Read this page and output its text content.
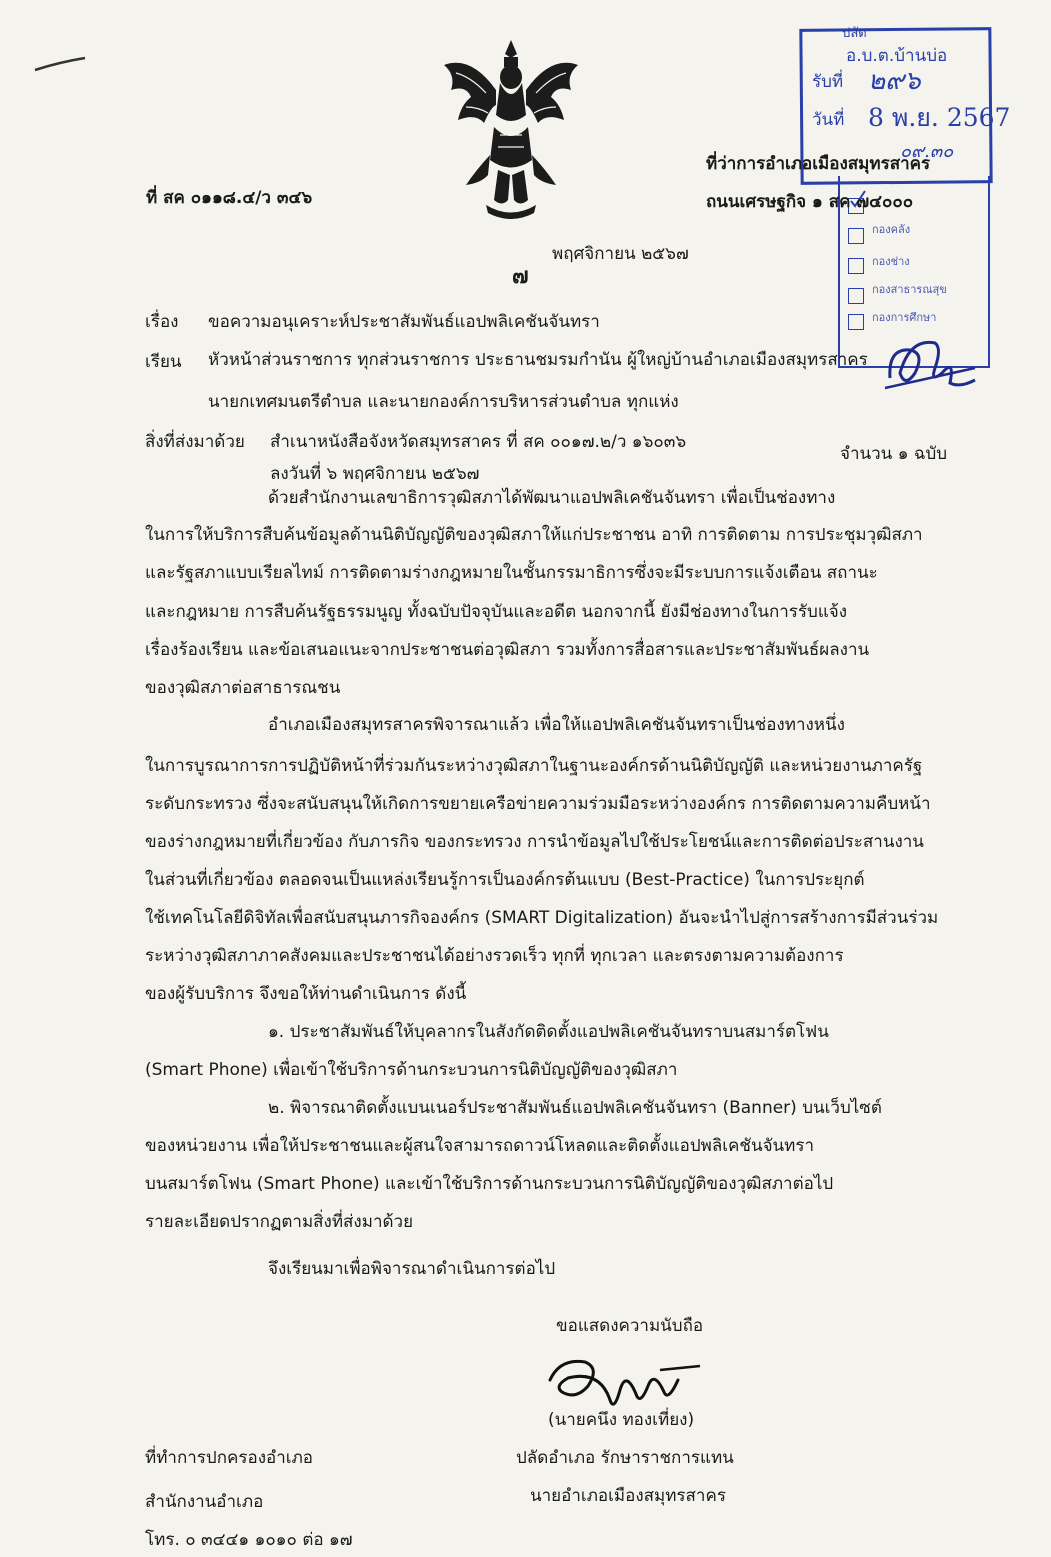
ปลัด
อ.บ.ต.บ้านบ่อ
รับที่ ๒๙๖
วันที่ 8 พ.ย. 2567
๐๙.๓๐
กองคลัง
กองช่าง
กองสาธารณสุข
กองการศึกษา
ที่ สค ๐๑๑๘.๔/ว ๓๔๖
ที่ว่าการอำเภอเมืองสมุทรสาคร
ถนนเศรษฐกิจ ๑ สค ๗๔๐๐๐
๗
พฤศจิกายน ๒๕๖๗
เรื่อง ขอความอนุเคราะห์ประชาสัมพันธ์แอปพลิเคชันจันทรา
เรียน หัวหน้าส่วนราชการ ทุกส่วนราชการ ประธานชมรมกำนัน ผู้ใหญ่บ้านอำเภอเมืองสมุทรสาคร
นายกเทศมนตรีตำบล และนายกองค์การบริหารส่วนตำบล ทุกแห่ง
สิ่งที่ส่งมาด้วย สำเนาหนังสือจังหวัดสมุทรสาคร ที่ สค ๐๐๑๗.๒/ว ๑๖๐๓๖
ลงวันที่ ๖ พฤศจิกายน ๒๕๖๗
จำนวน ๑ ฉบับ
ด้วยสำนักงานเลขาธิการวุฒิสภาได้พัฒนาแอปพลิเคชันจันทรา เพื่อเป็นช่องทาง
ในการให้บริการสืบค้นข้อมูลด้านนิติบัญญัติของวุฒิสภาให้แก่ประชาชน อาทิ การติดตาม การประชุมวุฒิสภา
และรัฐสภาแบบเรียลไทม์ การติดตามร่างกฎหมายในชั้นกรรมาธิการซึ่งจะมีระบบการแจ้งเตือน สถานะ
และกฎหมาย การสืบค้นรัฐธรรมนูญ ทั้งฉบับปัจจุบันและอดีต นอกจากนี้ ยังมีช่องทางในการรับแจ้ง
เรื่องร้องเรียน และข้อเสนอแนะจากประชาชนต่อวุฒิสภา รวมทั้งการสื่อสารและประชาสัมพันธ์ผลงาน
ของวุฒิสภาต่อสาธารณชน
อำเภอเมืองสมุทรสาครพิจารณาแล้ว เพื่อให้แอปพลิเคชันจันทราเป็นช่องทางหนึ่ง
ในการบูรณาการการปฏิบัติหน้าที่ร่วมกันระหว่างวุฒิสภาในฐานะองค์กรด้านนิติบัญญัติ และหน่วยงานภาครัฐ
ระดับกระทรวง ซึ่งจะสนับสนุนให้เกิดการขยายเครือข่ายความร่วมมือระหว่างองค์กร การติดตามความคืบหน้า
ของร่างกฎหมายที่เกี่ยวข้อง กับภารกิจ ของกระทรวง การนำข้อมูลไปใช้ประโยชน์และการติดต่อประสานงาน
ในส่วนที่เกี่ยวข้อง ตลอดจนเป็นแหล่งเรียนรู้การเป็นองค์กรต้นแบบ (Best-Practice) ในการประยุกต์
ใช้เทคโนโลยีดิจิทัลเพื่อสนับสนุนภารกิจองค์กร (SMART Digitalization) อันจะนำไปสู่การสร้างการมีส่วนร่วม
ระหว่างวุฒิสภาภาคสังคมและประชาชนได้อย่างรวดเร็ว ทุกที่ ทุกเวลา และตรงตามความต้องการ
ของผู้รับบริการ จึงขอให้ท่านดำเนินการ ดังนี้
๑. ประชาสัมพันธ์ให้บุคลากรในสังกัดติดตั้งแอปพลิเคชันจันทราบนสมาร์ตโฟน
(Smart Phone) เพื่อเข้าใช้บริการด้านกระบวนการนิติบัญญัติของวุฒิสภา
๒. พิจารณาติดตั้งแบนเนอร์ประชาสัมพันธ์แอปพลิเคชันจันทรา (Banner) บนเว็บไซต์
ของหน่วยงาน เพื่อให้ประชาชนและผู้สนใจสามารถดาวน์โหลดและติดตั้งแอปพลิเคชันจันทรา
บนสมาร์ตโฟน (Smart Phone) และเข้าใช้บริการด้านกระบวนการนิติบัญญัติของวุฒิสภาต่อไป
รายละเอียดปรากฏตามสิ่งที่ส่งมาด้วย
จึงเรียนมาเพื่อพิจารณาดำเนินการต่อไป
ขอแสดงความนับถือ
(นายคนึง ทองเที่ยง)
ปลัดอำเภอ รักษาราชการแทน
นายอำเภอเมืองสมุทรสาคร
ที่ทำการปกครองอำเภอ
สำนักงานอำเภอ
โทร. ๐ ๓๔๔๑ ๑๐๑๐ ต่อ ๑๗
